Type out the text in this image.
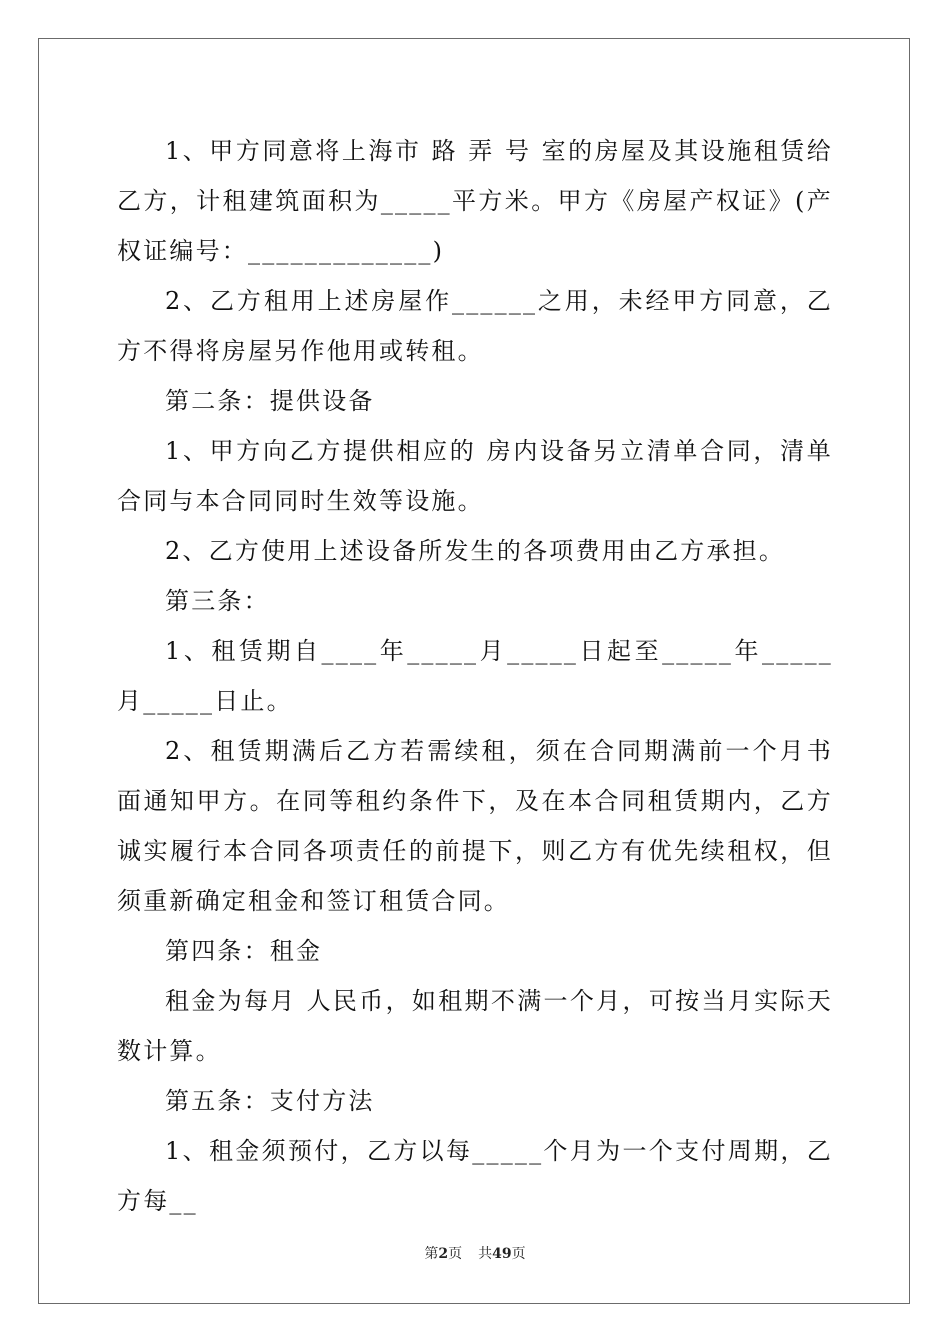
1、甲方同意将上海市 路 弄 号 室的房屋及其设施租赁给乙方，计租建筑面积为_____平方米。甲方《房屋产权证》(产权证编号：_____________)

2、乙方租用上述房屋作______之用，未经甲方同意，乙方不得将房屋另作他用或转租。

第二条：提供设备

1、甲方向乙方提供相应的 房内设备另立清单合同，清单合同与本合同同时生效等设施。

2、乙方使用上述设备所发生的各项费用由乙方承担。

第三条：

1、租赁期自____年_____月_____日起至_____年_____月_____日止。

2、租赁期满后乙方若需续租，须在合同期满前一个月书面通知甲方。在同等租约条件下，及在本合同租赁期内，乙方诚实履行本合同各项责任的前提下，则乙方有优先续租权，但须重新确定租金和签订租赁合同。

第四条：租金

租金为每月 人民币，如租期不满一个月，可按当月实际天数计算。

第五条：支付方法

1、租金须预付，乙方以每_____个月为一个支付周期，乙方每__

第2页 共49页
